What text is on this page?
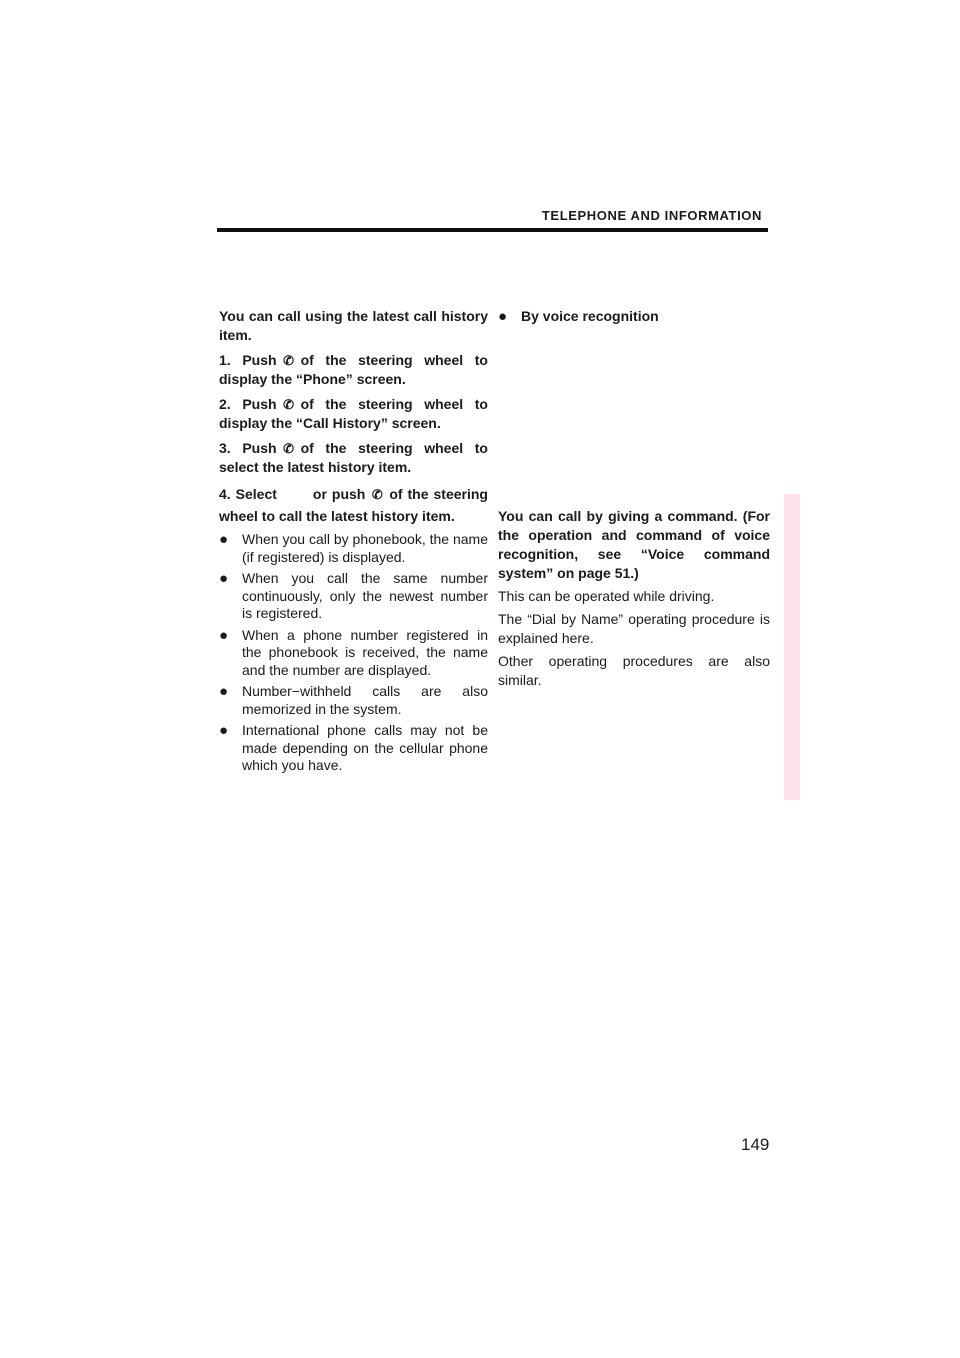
TELEPHONE AND INFORMATION

You can call using the latest call history item.

1. Push ✆ of the steering wheel to display the “Phone” screen.

2. Push ✆ of the steering wheel to display the “Call History” screen.

3. Push ✆ of the steering wheel to select the latest history item.

4. Select	or push ✆ of the steering wheel to call the latest history item.

● When you call by phonebook, the name (if registered) is displayed.
● When you call the same number continuously, only the newest number is registered.
● When a phone number registered in the phonebook is received, the name and the number are displayed.
● Number−withheld calls are also memorized in the system.
● International phone calls may not be made depending on the cellular phone which you have.
● By voice recognition

You can call by giving a command. (For the operation and command of voice recognition, see “Voice command system” on page 51.)

This can be operated while driving.

The “Dial by Name” operating procedure is explained here.

Other operating procedures are also similar.

149
